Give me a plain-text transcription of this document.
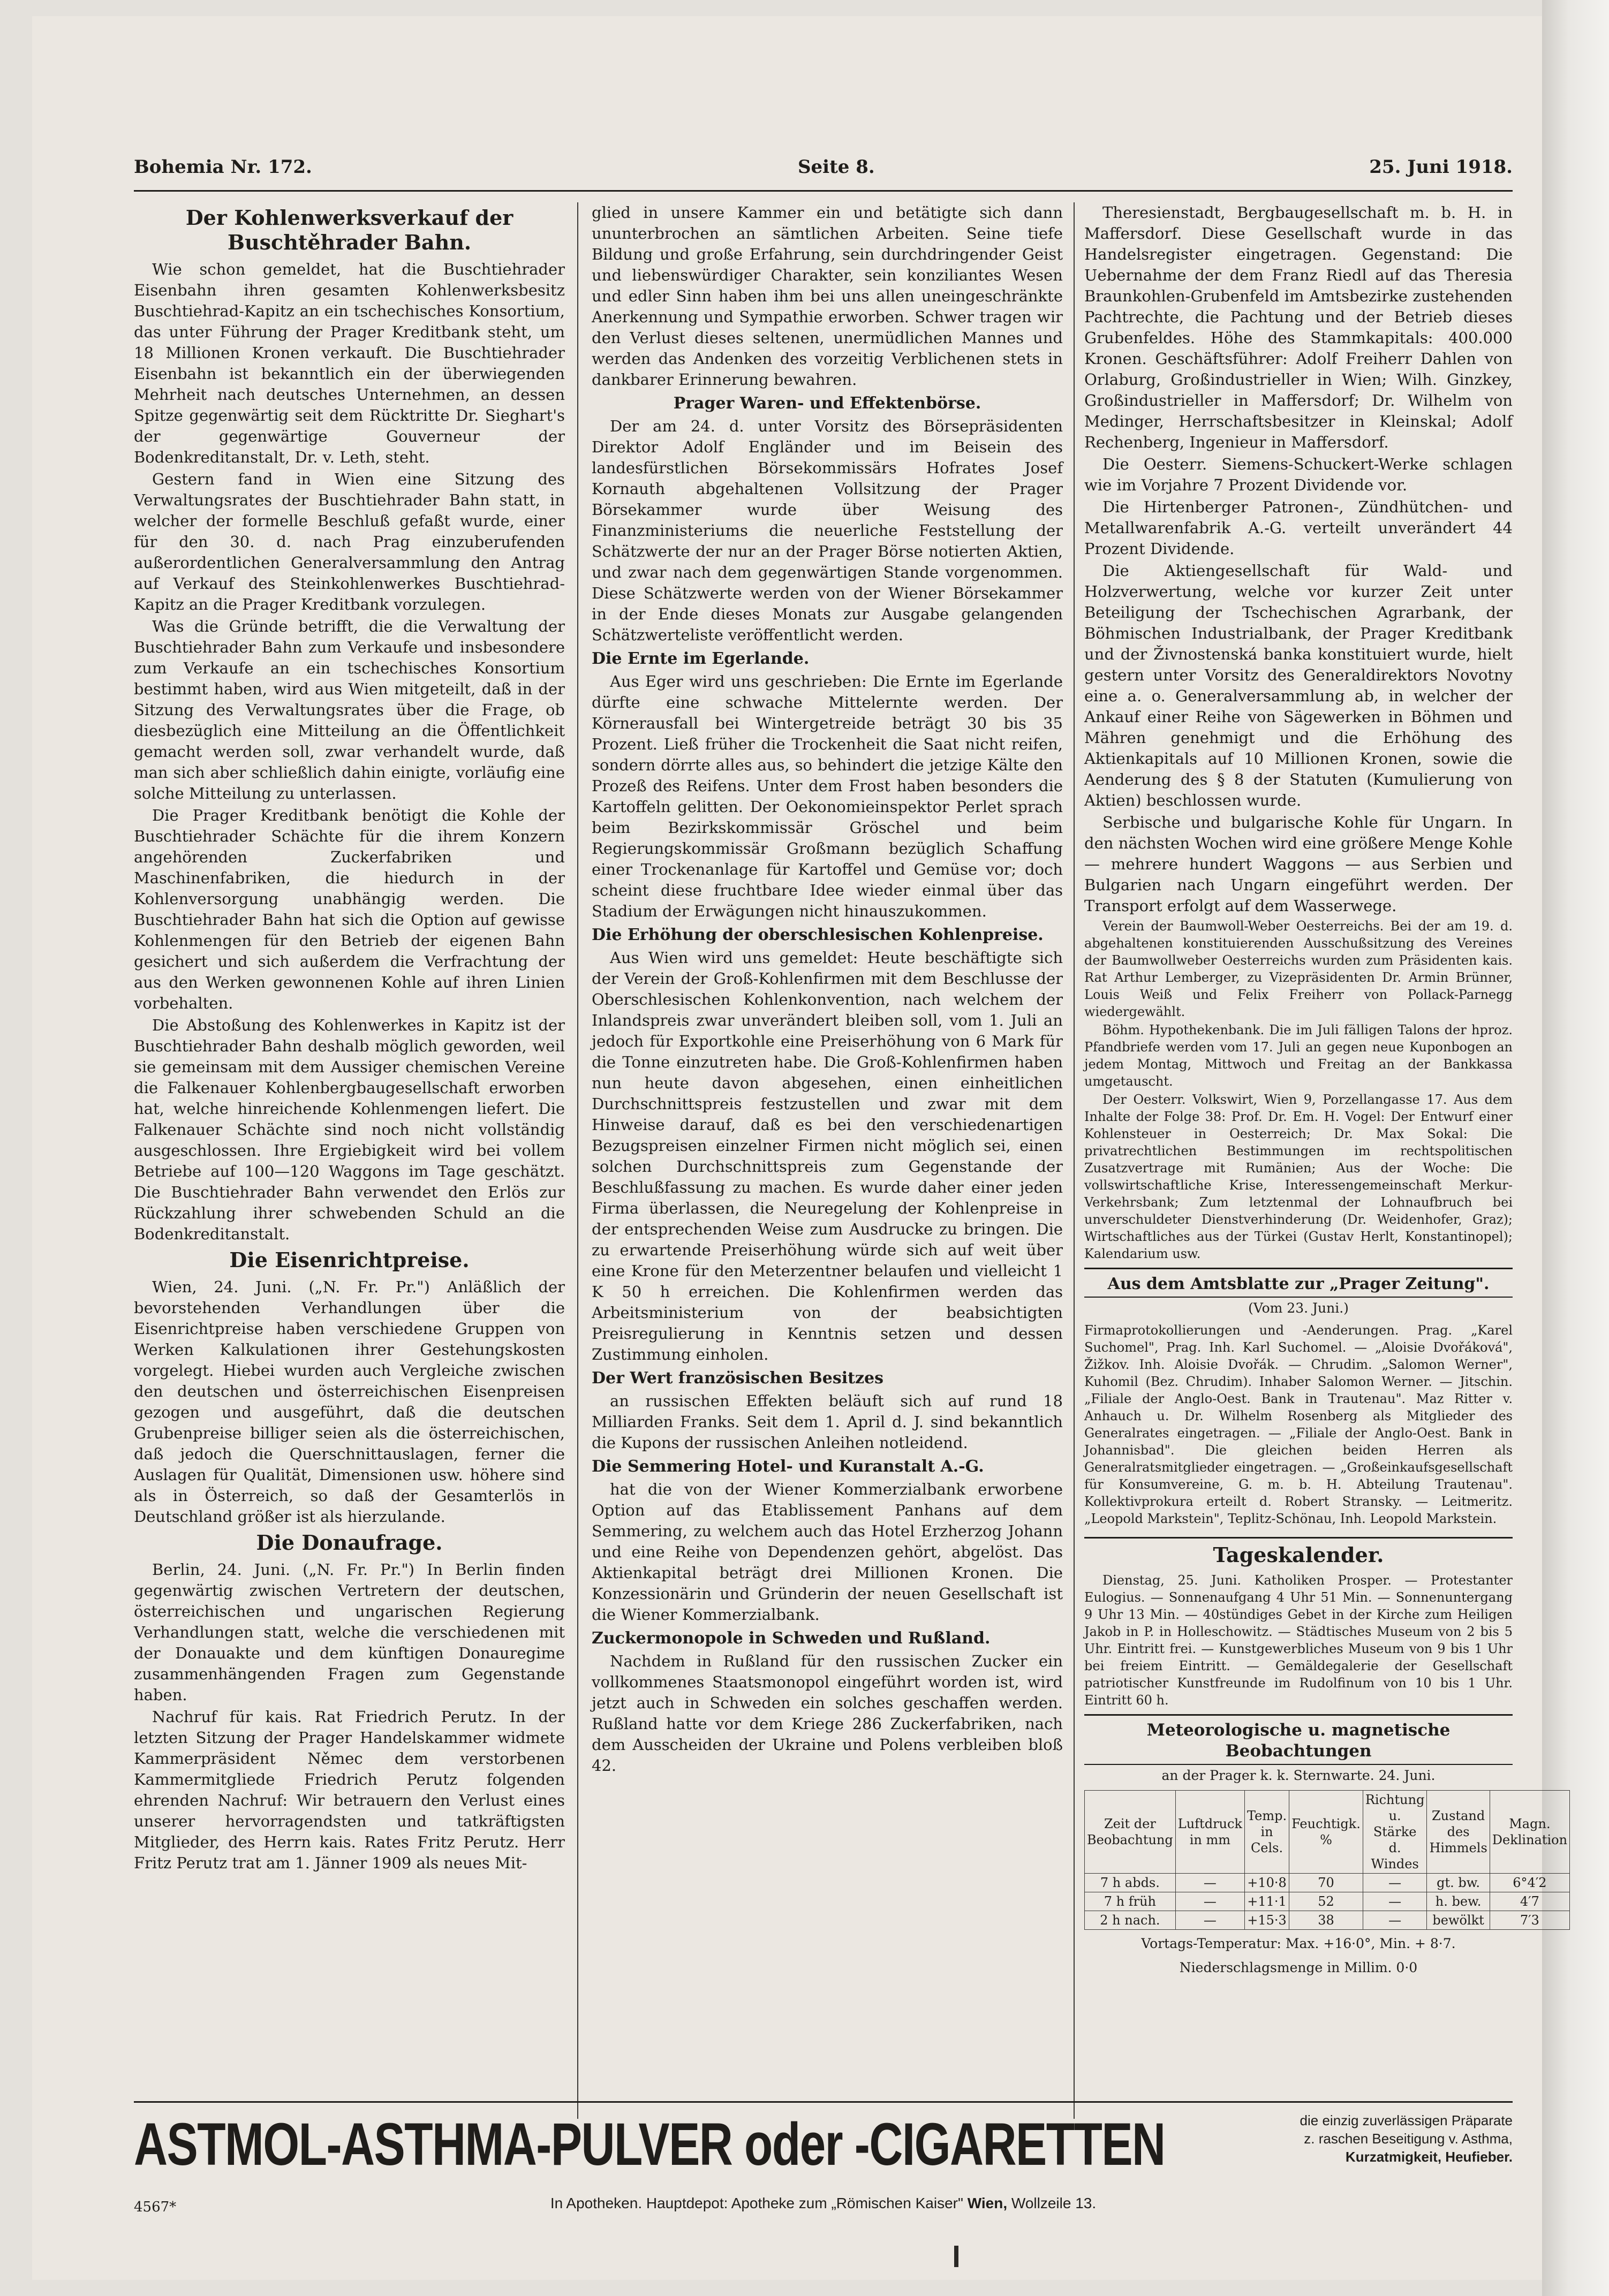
Bohemia Nr. 172.	Seite 8.	25. Juni 1918.
Der Kohlenwerksverkauf der Buschtěhrader Bahn.

Wie schon gemeldet, hat die Buschtiehrader Eisenbahn ihren gesamten Kohlenwerksbesitz Buschtiehrad-Kapitz an ein tschechisches Konsortium, das unter Führung der Prager Kreditbank steht, um 18 Millionen Kronen verkauft. Die Buschtiehrader Eisenbahn ist bekanntlich ein der überwiegenden Mehrheit nach deutsches Unternehmen, an dessen Spitze gegenwärtig seit dem Rücktritte Dr. Sieghart's der gegenwärtige Gouverneur der Bodenkreditanstalt, Dr. v. Leth, steht.

Gestern fand in Wien eine Sitzung des Verwaltungsrates der Buschtiehrader Bahn statt, in welcher der formelle Beschluß gefaßt wurde, einer für den 30. d. nach Prag einzuberufenden außerordentlichen Generalversammlung den Antrag auf Verkauf des Steinkohlenwerkes Buschtiehrad-Kapitz an die Prager Kreditbank vorzulegen.

Was die Gründe betrifft, die die Verwaltung der Buschtiehrader Bahn zum Verkaufe und insbesondere zum Verkaufe an ein tschechisches Konsortium bestimmt haben, wird aus Wien mitgeteilt, daß in der Sitzung des Verwaltungsrates über die Frage, ob diesbezüglich eine Mitteilung an die Öffentlichkeit gemacht werden soll, zwar verhandelt wurde, daß man sich aber schließlich dahin einigte, vorläufig eine solche Mitteilung zu unterlassen.

Die Prager Kreditbank benötigt die Kohle der Buschtiehrader Schächte für die ihrem Konzern angehörenden Zuckerfabriken und Maschinenfabriken, die hiedurch in der Kohlenversorgung unabhängig werden. Die Buschtiehrader Bahn hat sich die Option auf gewisse Kohlenmengen für den Betrieb der eigenen Bahn gesichert und sich außerdem die Verfrachtung der aus den Werken gewonnenen Kohle auf ihren Linien vorbehalten.

Die Abstoßung des Kohlenwerkes in Kapitz ist der Buschtiehrader Bahn deshalb möglich geworden, weil sie gemeinsam mit dem Aussiger chemischen Vereine die Falkenauer Kohlenbergbaugesellschaft erworben hat, welche hinreichende Kohlenmengen liefert. Die Falkenauer Schächte sind noch nicht vollständig ausgeschlossen. Ihre Ergiebigkeit wird bei vollem Betriebe auf 100—120 Waggons im Tage geschätzt. Die Buschtiehrader Bahn verwendet den Erlös zur Rückzahlung ihrer schwebenden Schuld an die Bodenkreditanstalt.

Die Eisenrichtpreise.

Wien, 24. Juni. („N. Fr. Pr.") Anläßlich der bevorstehenden Verhandlungen über die Eisenrichtpreise haben verschiedene Gruppen von Werken Kalkulationen ihrer Gestehungskosten vorgelegt. Hiebei wurden auch Vergleiche zwischen den deutschen und österreichischen Eisenpreisen gezogen und ausgeführt, daß die deutschen Grubenpreise billiger seien als die österreichischen, daß jedoch die Querschnittauslagen, ferner die Auslagen für Qualität, Dimensionen usw. höhere sind als in Österreich, so daß der Gesamterlös in Deutschland größer ist als hierzulande.

Die Donaufrage.

Berlin, 24. Juni. („N. Fr. Pr.") In Berlin finden gegenwärtig zwischen Vertretern der deutschen, österreichischen und ungarischen Regierung Verhandlungen statt, welche die verschiedenen mit der Donauakte und dem künftigen Donauregime zusammenhängenden Fragen zum Gegenstande haben.

Nachruf für kais. Rat Friedrich Perutz. In der letzten Sitzung der Prager Handelskammer widmete Kammerpräsident Němec dem verstorbenen Kammermitgliede Friedrich Perutz folgenden ehrenden Nachruf: Wir betrauern den Verlust eines unserer hervorragendsten und tatkräftigsten Mitglieder, des Herrn kais. Rates Fritz Perutz. Herr Fritz Perutz trat am 1. Jänner 1909 als neues Mit-

glied in unsere Kammer ein und betätigte sich dann ununterbrochen an sämtlichen Arbeiten. Seine tiefe Bildung und große Erfahrung, sein durchdringender Geist und liebenswürdiger Charakter, sein konziliantes Wesen und edler Sinn haben ihm bei uns allen uneingeschränkte Anerkennung und Sympathie erworben. Schwer tragen wir den Verlust dieses seltenen, unermüdlichen Mannes und werden das Andenken des vorzeitig Verblichenen stets in dankbarer Erinnerung bewahren.

Prager Waren- und Effektenbörse.

Der am 24. d. unter Vorsitz des Börsepräsidenten Direktor Adolf Engländer und im Beisein des landesfürstlichen Börsekommissärs Hofrates Josef Kornauth abgehaltenen Vollsitzung der Prager Börsekammer wurde über Weisung des Finanzministeriums die neuerliche Feststellung der Schätzwerte der nur an der Prager Börse notierten Aktien, und zwar nach dem gegenwärtigen Stande vorgenommen. Diese Schätzwerte werden von der Wiener Börsekammer in der Ende dieses Monats zur Ausgabe gelangenden Schätzwerteliste veröffentlicht werden.

Die Ernte im Egerlande.

Aus Eger wird uns geschrieben: Die Ernte im Egerlande dürfte eine schwache Mittelernte werden. Der Körnerausfall bei Wintergetreide beträgt 30 bis 35 Prozent. Ließ früher die Trockenheit die Saat nicht reifen, sondern dörrte alles aus, so behindert die jetzige Kälte den Prozeß des Reifens. Unter dem Frost haben besonders die Kartoffeln gelitten. Der Oekonomieinspektor Perlet sprach beim Bezirkskommissär Gröschel und beim Regierungskommissär Großmann bezüglich Schaffung einer Trockenanlage für Kartoffel und Gemüse vor; doch scheint diese fruchtbare Idee wieder einmal über das Stadium der Erwägungen nicht hinauszukommen.

Die Erhöhung der oberschlesischen Kohlenpreise.

Aus Wien wird uns gemeldet: Heute beschäftigte sich der Verein der Groß-Kohlenfirmen mit dem Beschlusse der Oberschlesischen Kohlenkonvention, nach welchem der Inlandspreis zwar unverändert bleiben soll, vom 1. Juli an jedoch für Exportkohle eine Preiserhöhung von 6 Mark für die Tonne einzutreten habe. Die Groß-Kohlenfirmen haben nun heute davon abgesehen, einen einheitlichen Durchschnittspreis festzustellen und zwar mit dem Hinweise darauf, daß es bei den verschiedenartigen Bezugspreisen einzelner Firmen nicht möglich sei, einen solchen Durchschnittspreis zum Gegenstande der Beschlußfassung zu machen. Es wurde daher einer jeden Firma überlassen, die Neuregelung der Kohlenpreise in der entsprechenden Weise zum Ausdrucke zu bringen. Die zu erwartende Preiserhöhung würde sich auf weit über eine Krone für den Meterzentner belaufen und vielleicht 1 K 50 h erreichen. Die Kohlenfirmen werden das Arbeitsministerium von der beabsichtigten Preisregulierung in Kenntnis setzen und dessen Zustimmung einholen.

Der Wert französischen Besitzes

an russischen Effekten beläuft sich auf rund 18 Milliarden Franks. Seit dem 1. April d. J. sind bekanntlich die Kupons der russischen Anleihen notleidend.

Die Semmering Hotel- und Kuranstalt A.-G.

hat die von der Wiener Kommerzialbank erworbene Option auf das Etablissement Panhans auf dem Semmering, zu welchem auch das Hotel Erzherzog Johann und eine Reihe von Dependenzen gehört, abgelöst. Das Aktienkapital beträgt drei Millionen Kronen. Die Konzessionärin und Gründerin der neuen Gesellschaft ist die Wiener Kommerzialbank.

Zuckermonopole in Schweden und Rußland.

Nachdem in Rußland für den russischen Zucker ein vollkommenes Staatsmonopol eingeführt worden ist, wird jetzt auch in Schweden ein solches geschaffen werden. Rußland hatte vor dem Kriege 286 Zuckerfabriken, nach dem Ausscheiden der Ukraine und Polens verbleiben bloß 42.

Theresienstadt, Bergbaugesellschaft m. b. H. in Maffersdorf. Diese Gesellschaft wurde in das Handelsregister eingetragen. Gegenstand: Die Uebernahme der dem Franz Riedl auf das Theresia Braunkohlen-Grubenfeld im Amtsbezirke zustehenden Pachtrechte, die Pachtung und der Betrieb dieses Grubenfeldes. Höhe des Stammkapitals: 400.000 Kronen. Geschäftsführer: Adolf Freiherr Dahlen von Orlaburg, Großindustrieller in Wien; Wilh. Ginzkey, Großindustrieller in Maffersdorf; Dr. Wilhelm von Medinger, Herrschaftsbesitzer in Kleinskal; Adolf Rechenberg, Ingenieur in Maffersdorf.

Die Oesterr. Siemens-Schuckert-Werke schlagen wie im Vorjahre 7 Prozent Dividende vor.

Die Hirtenberger Patronen-, Zündhütchen- und Metallwarenfabrik A.-G. verteilt unverändert 44 Prozent Dividende.

Die Aktiengesellschaft für Wald- und Holzverwertung, welche vor kurzer Zeit unter Beteiligung der Tschechischen Agrarbank, der Böhmischen Industrialbank, der Prager Kreditbank und der Živnostenská banka konstituiert wurde, hielt gestern unter Vorsitz des Generaldirektors Novotny eine a. o. Generalversammlung ab, in welcher der Ankauf einer Reihe von Sägewerken in Böhmen und Mähren genehmigt und die Erhöhung des Aktienkapitals auf 10 Millionen Kronen, sowie die Aenderung des § 8 der Statuten (Kumulierung von Aktien) beschlossen wurde.

Serbische und bulgarische Kohle für Ungarn. In den nächsten Wochen wird eine größere Menge Kohle — mehrere hundert Waggons — aus Serbien und Bulgarien nach Ungarn eingeführt werden. Der Transport erfolgt auf dem Wasserwege.

Verein der Baumwoll-Weber Oesterreichs. Bei der am 19. d. abgehaltenen konstituierenden Ausschußsitzung des Vereines der Baumwollweber Oesterreichs wurden zum Präsidenten kais. Rat Arthur Lemberger, zu Vizepräsidenten Dr. Armin Brünner, Louis Weiß und Felix Freiherr von Pollack-Parnegg wiedergewählt.

Böhm. Hypothekenbank. Die im Juli fälligen Talons der hproz. Pfandbriefe werden vom 17. Juli an gegen neue Kuponbogen an jedem Montag, Mittwoch und Freitag an der Bankkassa umgetauscht.

Der Oesterr. Volkswirt, Wien 9, Porzellangasse 17. Aus dem Inhalte der Folge 38: Prof. Dr. Em. H. Vogel: Der Entwurf einer Kohlensteuer in Oesterreich; Dr. Max Sokal: Die privatrechtlichen Bestimmungen im rechtspolitischen Zusatzvertrage mit Rumänien; Aus der Woche: Die vollswirtschaftliche Krise, Interessengemeinschaft Merkur-Verkehrsbank; Zum letztenmal der Lohnaufbruch bei unverschuldeter Dienstverhinderung (Dr. Weidenhofer, Graz); Wirtschaftliches aus der Türkei (Gustav Herlt, Konstantinopel); Kalendarium usw.

Aus dem Amtsblatte zur „Prager Zeitung".
(Vom 23. Juni.)

Firmaprotokollierungen und -Aenderungen. Prag. „Karel Suchomel", Prag. Inh. Karl Suchomel. — „Aloisie Dvořáková", Žižkov. Inh. Aloisie Dvořák. — Chrudim. „Salomon Werner", Kuhomil (Bez. Chrudim). Inhaber Salomon Werner. — Jitschin. „Filiale der Anglo-Oest. Bank in Trautenau". Maz Ritter v. Anhauch u. Dr. Wilhelm Rosenberg als Mitglieder des Generalrates eingetragen. — „Filiale der Anglo-Oest. Bank in Johannisbad". Die gleichen beiden Herren als Generalratsmitglieder eingetragen. — „Großeinkaufsgesellschaft für Konsumvereine, G. m. b. H. Abteilung Trautenau". Kollektivprokura erteilt d. Robert Stransky. — Leitmeritz. „Leopold Markstein", Teplitz-Schönau, Inh. Leopold Markstein.

Tageskalender.

Dienstag, 25. Juni. Katholiken Prosper. — Protestanter Eulogius. — Sonnenaufgang 4 Uhr 51 Min. — Sonnenuntergang 9 Uhr 13 Min. — 40stündiges Gebet in der Kirche zum Heiligen Jakob in P. in Holleschowitz. — Städtisches Museum von 2 bis 5 Uhr. Eintritt frei. — Kunstgewerbliches Museum von 9 bis 1 Uhr bei freiem Eintritt. — Gemäldegalerie der Gesellschaft patriotischer Kunstfreunde im Rudolfinum von 10 bis 1 Uhr. Eintritt 60 h.

Meteorologische u. magnetische Beobachtungen
an der Prager k. k. Sternwarte. 24. Juni.
Zeit der Beobachtung	Luftdruck in mm	Temp. in Cels.	Feuchtigk. %	Richtung u. Stärke d. Windes	Zustand des Himmels	Magn. Deklination
7 h abds.	—	+10·8	70	—	gt. bw.	6°4′2
7 h früh	—	+11·1	52	—	h. bew.	4′7
2 h nach.	—	+15·3	38	—	bewölkt	7′3
Vortags-Temperatur: Max. +16·0°, Min. + 8·7.
Niederschlagsmenge in Millim. 0·0
ASTMOL-ASTHMA-PULVER oder -CIGARETTEN	die einzig zuverlässigen Präparate
z. raschen Beseitigung v. Asthma,
Kurzatmigkeit, Heufieber.
4567*	In Apotheken. Hauptdepot: Apotheke zum „Römischen Kaiser" Wien, Wollzeile 13.
